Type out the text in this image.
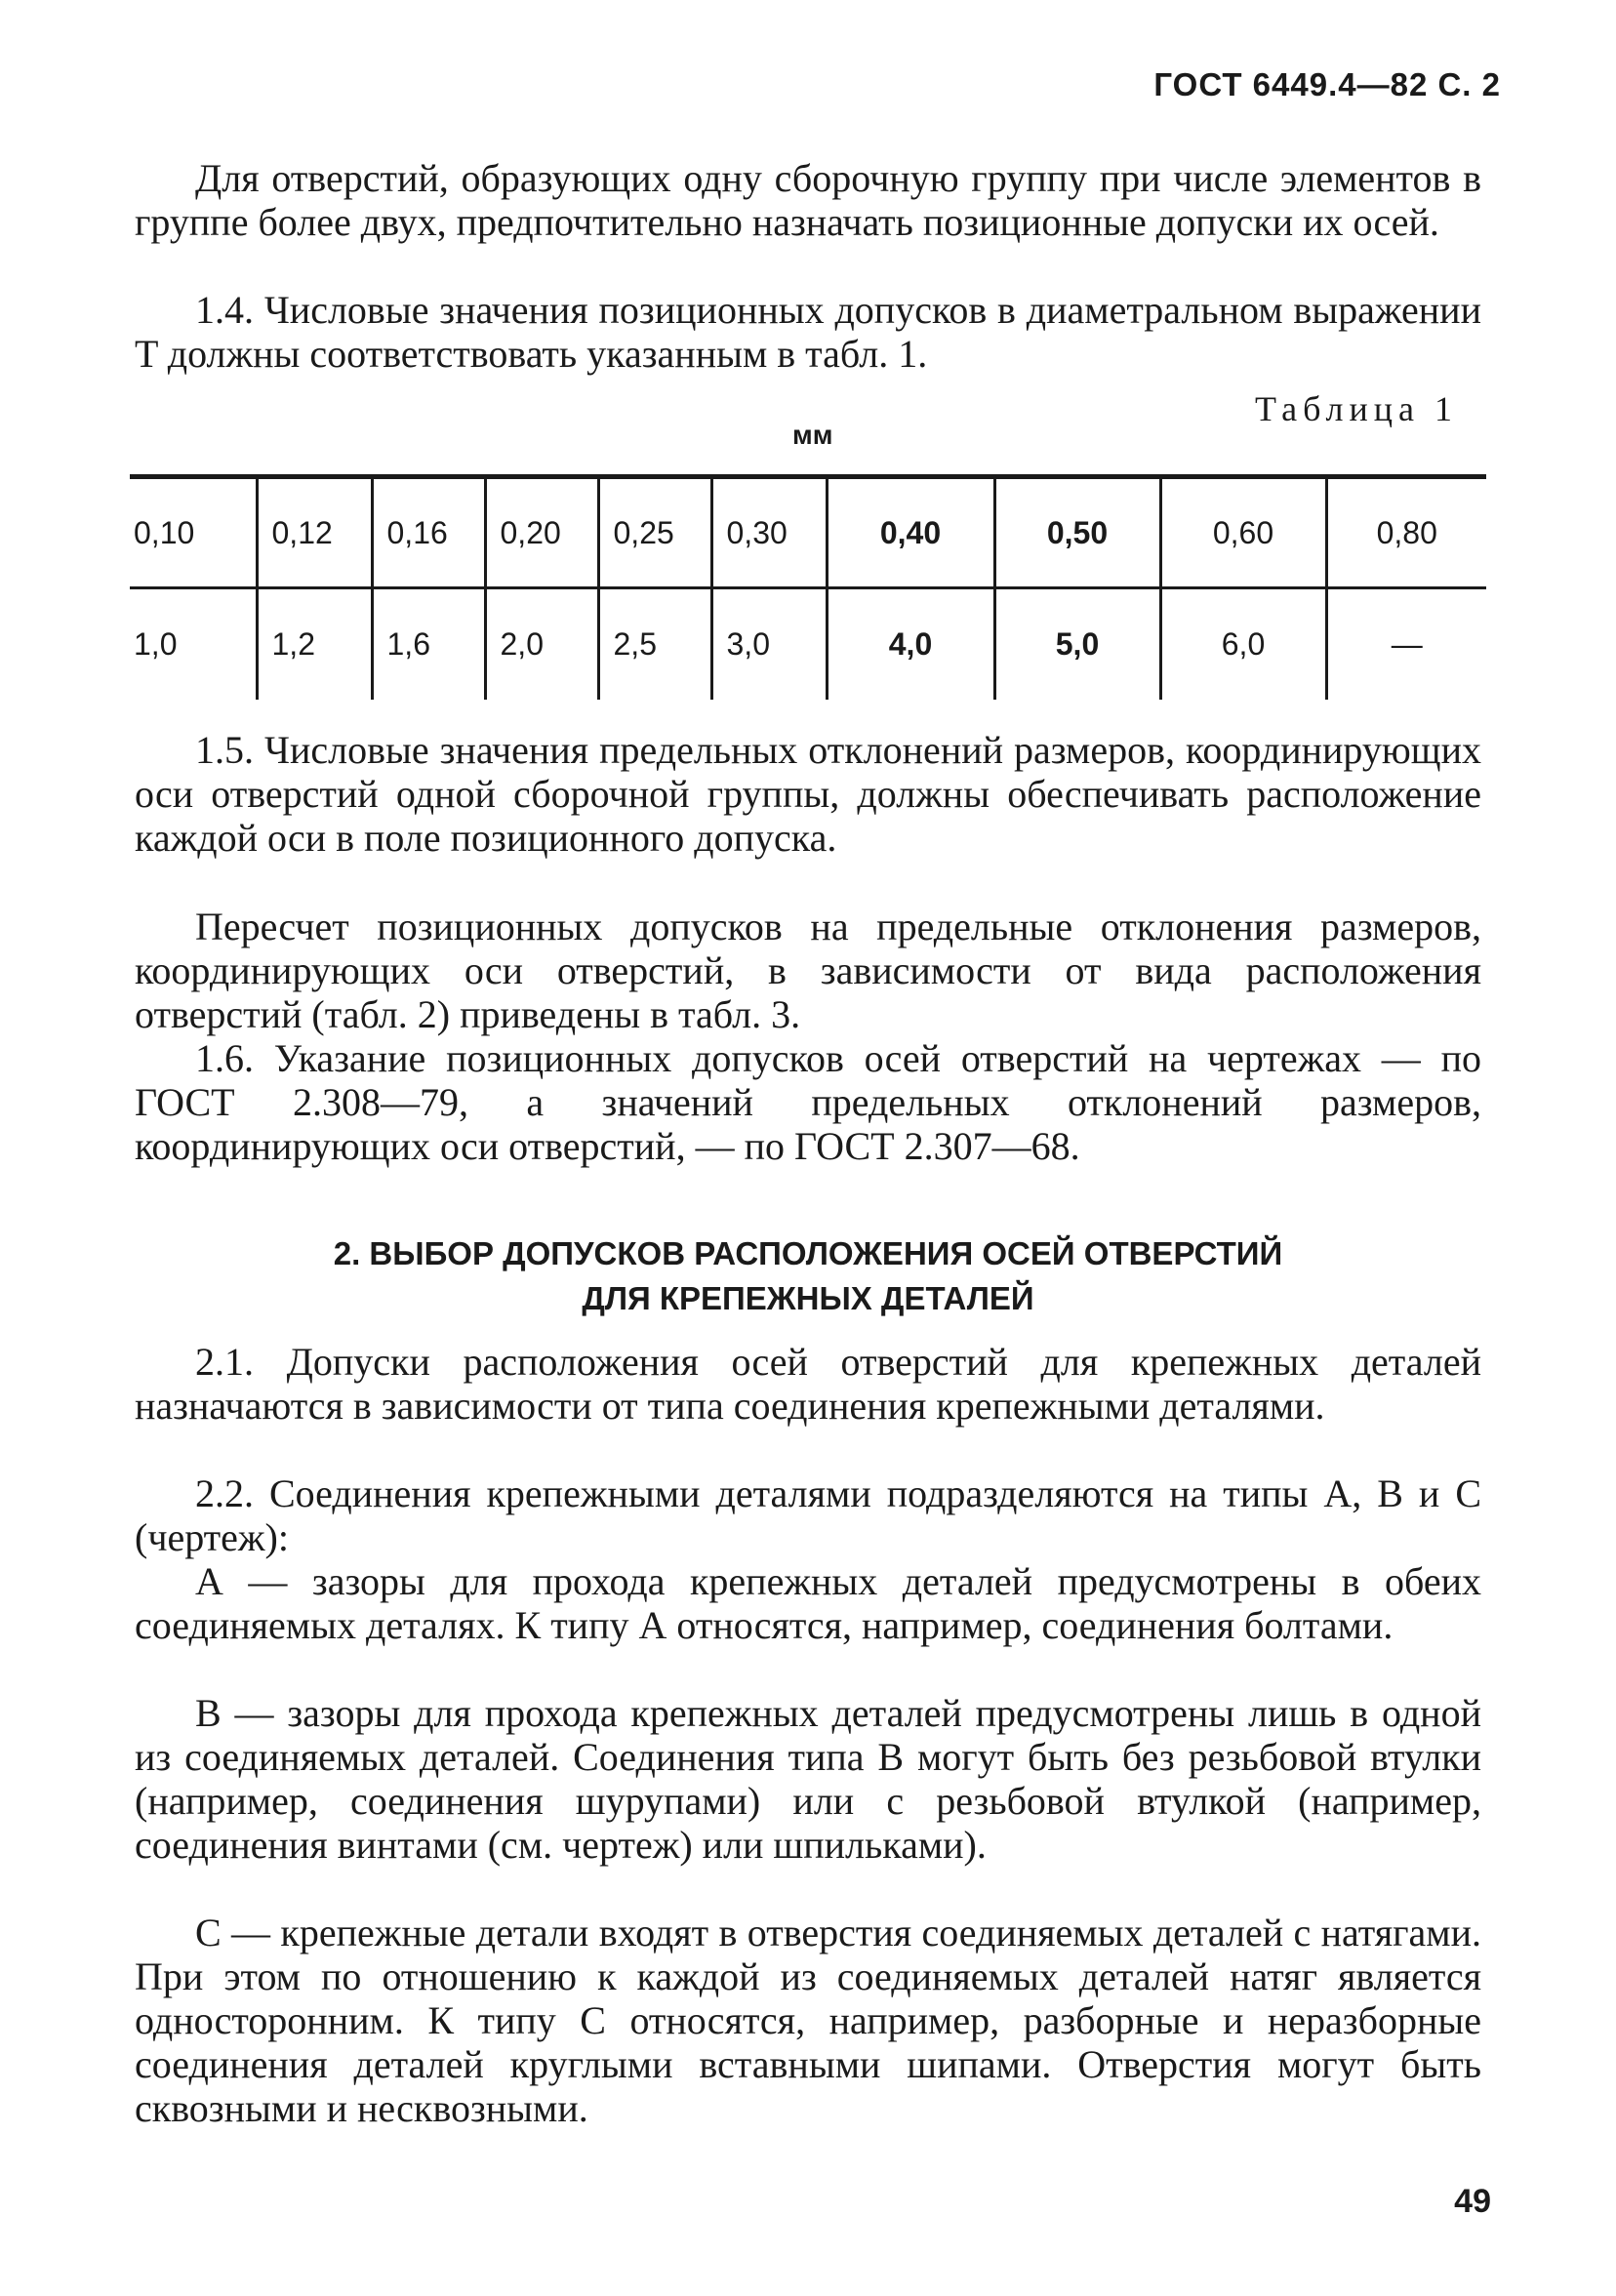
ГОСТ 6449.4—82 С. 2

Для отверстий, образующих одну сборочную группу при числе элементов в группе более двух, предпочтительно назначать позиционные допуски их осей.

1.4. Числовые значения позиционных допусков в диаметральном выражении T должны соответствовать указанным в табл. 1.

Таблица 1
мм
0,10	0,12	0,16	0,20	0,25	0,30	0,40	0,50	0,60	0,80
1,0	1,2	1,6	2,0	2,5	3,0	4,0	5,0	6,0	—

1.5. Числовые значения предельных отклонений размеров, координирующих оси отверстий одной сборочной группы, должны обеспечивать расположение каждой оси в поле позиционного допуска.

Пересчет позиционных допусков на предельные отклонения размеров, координирующих оси отверстий, в зависимости от вида расположения отверстий (табл. 2) приведены в табл. 3.

1.6. Указание позиционных допусков осей отверстий на чертежах — по ГОСТ 2.308—79, а значений предельных отклонений размеров, координирующих оси отверстий, — по ГОСТ 2.307—68.

2. ВЫБОР ДОПУСКОВ РАСПОЛОЖЕНИЯ ОСЕЙ ОТВЕРСТИЙ
ДЛЯ КРЕПЕЖНЫХ ДЕТАЛЕЙ

2.1. Допуски расположения осей отверстий для крепежных деталей назначаются в зависимости от типа соединения крепежными деталями.

2.2. Соединения крепежными деталями подразделяются на типы А, В и С (чертеж):

А — зазоры для прохода крепежных деталей предусмотрены в обеих соединяемых деталях. К типу А относятся, например, соединения болтами.

В — зазоры для прохода крепежных деталей предусмотрены лишь в одной из соединяемых деталей. Соединения типа В могут быть без резьбовой втулки (например, соединения шурупами) или с резьбовой втулкой (например, соединения винтами (см. чертеж) или шпильками).

С — крепежные детали входят в отверстия соединяемых деталей с натягами. При этом по отношению к каждой из соединяемых деталей натяг является односторонним. К типу С относятся, например, разборные и неразборные соединения деталей круглыми вставными шипами. Отверстия могут быть сквозными и несквозными.

49
